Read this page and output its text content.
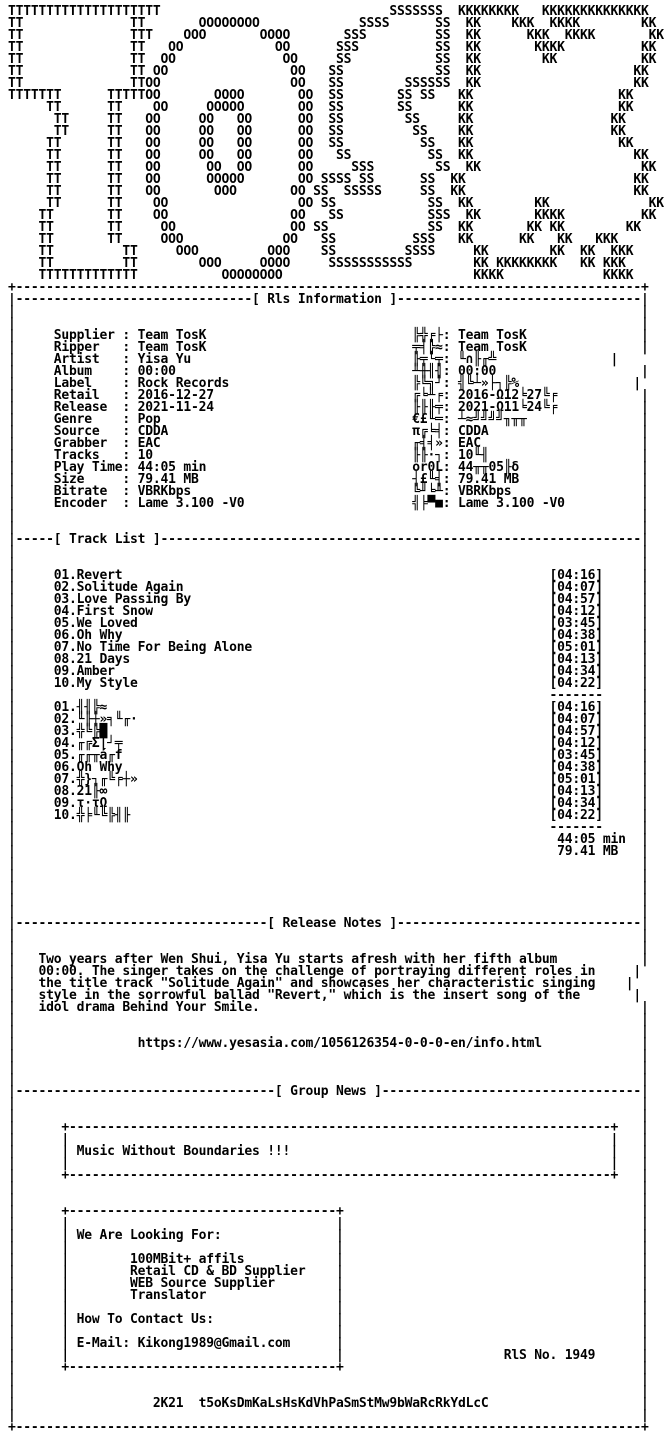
TTTTTTTTTTTTTTTTTTTT                              SSSSSSS  KKKKKKKK   KKKKKKKKKKKKKK
TT              TT       OOOOOOOO             SSSS      SS  KK    KKK  KKKK        KK
TT              TTT    OOO       OOOO       SSS         SS  KK      KKK  KKKK       KK
TT              TT   OO            OO      SSS          SS  KK       KKKK          KK
TT              TT  OO              OO     SS           SS  KK        KK           KK
TT              TT OO                OO   SS            SS  KK                    KK
TT              TTOO                 OO   SS        SSSSSS  KK                    KK
TTTTTTT      TTTTTOO       OOOO       OO  SS       SS SS   KK                   KK
TT      TT    OO     OOOOO       OO  SS       SS      KK                   KK
TT     TT   OO     OO   OO      OO  SS        SS     KK                  KK
TT     TT   OO     OO   OO      OO  SS         SS    KK                  KK
TT      TT   OO     OO   OO      OO  SS          SS   KK                   KK
TT      TT   OO     OO   OO      OO   SS          SS  KK                     KK
TT      TT   OO      OO  OO      OO     SSS        SS  KK                     KK
TT      TT   OO      OOOOO       OO SSSS SS      SS  KK                      KK
TT      TT   OO       OOO       OO SS  SSSSS     SS  KK                      KK
TT      TT    OO                 OO SS            SS  KK        KK             KK
TT       TT    OO                OO   SS           SSS  KK       KKKK          KK
TT       TT     OO               OO SS             SS  KK       KK KK        KK
TT       TT     OOO             OO   SS          SSS   KK      KK   KK   KKK
TT         TT     OOO         OOO    SS         SSSS     KK        KK  KK  KKK
TT         TT        OOO     OOOO     SSSSSSSSSSS        KK KKKKKKKK   KK KKK
TTTTTTTTTTTTT           OOOOOOOO                         KKKK             KKKK
+----------------------------------------------------------------------------------+
|-------------------------------[ Rls Information ]--------------------------------|
|                                                                                  |
|                                                                                  |
|     Supplier : Team TosK                           ╠╬╒├: Team TosK               |
|     Ripper   : Team TosK                           ╤╡╠≈: Team TosK               |
|     Artist   : Yisa Yu                             ╟╤└╤: ╙∩╟╓╩               |
|     Album    : 00:00                               ╨╫╢╢: 00:00                   |
|     Label    : Rock Records                        ╠╚╗┘: ╣╚┴»├┐╠%               |
|     Retail   : 2016-12-27                          ╔╘╨╒: 2016-Ω12╘27╚╒           |
|     Release  : 2021-11-24                          ╟╟╟╤: 2021-Ω11╘24╚╒           |
|     Genre    : Pop                                 €£╙═: ┴≈╝╝╝╝╖╥╥               |
|     Source   : CDDA                                π╔╘╡: CDDA                    |
|     Grabber  : EAC                                 ╓╡╡»: EAC                     |
|     Tracks   : 10                                  ╟╟·┐: 10╙╢                    |
|     Play Time: 44:05 min                           or0L: 44╥╥05╟δ                |
|     Size     : 79.41 MB                            ┤£╙╡: 79.41 MB                |
|     Bitrate  : VBRKbps                             ╚╜╘╨: VBRKbps                 |
|     Encoder  : Lame 3.100 -V0                      ╣╞▀■: Lame 3.100 -V0          |
|                                                                                  |
|                                                                                  |
|-----[ Track List ]---------------------------------------------------------------|
|                                                                                  |
|                                                                                  |
|     01.Revert                                                        [04:16]     |
|     02.Solitude Again                                                [04:07]     |
|     03.Love Passing By                                               [04:57]     |
|     04.First Snow                                                    [04:12]     |
|     05.We Loved                                                      [03:45]     |
|     06.Oh Why                                                        [04:38]     |
|     07.No Time For Being Alone                                       [05:01]     |
|     08.21 Days                                                       [04:13]     |
|     09.Amber                                                         [04:34]     |
|     10.My Style                                                      [04:22]     |
|                                                                      -------     |
|     01.╢╢╠≈                                                          [04:16]     |
|     02.╙╟┼»╕╙╓·                                                      [04:07]     |
|     03.╬╚╠█                                                          [04:57]     |
|     04.╓╔Σ|┘╤                                                        [04:12]     |
|     05.╓╓╥á╓f                                                        [03:45]     |
|     06.Oh Why                                                        [04:38]     |
|     07.╬}┐╓╚╒┼»                                                      [05:01]     |
|     08.21╟∞                                                          [04:13]     |
|     09.τ·τΩ                                                          [04:34]     |
|     10.╬╞╙╚╠╢╟                                                       [04:22]     |
|                                                                      -------     |
|                                                                       44:05 min  |
|                                                                       79.41 MB   |
|                                                                                  |
|                                                                                  |
|                                                                                  |
|                                                                                  |
|                                                                                  |
|---------------------------------[ Release Notes ]--------------------------------|
|                                                                                  |
|                                                                                  |
|   Two years after Wen Shui, Yisa Yu starts afresh with her fifth album           |
|   00:00. The singer takes on the challenge of portraying different roles in     |
|   the title track "Solitude Again" and showcases her characteristic singing    |
|   style in the sorrowful ballad "Revert," which is the insert song of the       |
|   idol drama Behind Your Smile.                                                  |
|                                                                                  |
|                                                                                  |
|                https://www.yesasia.com/1056126354-0-0-0-en/info.html             |
|                                                                                  |
|                                                                                  |
|                                                                                  |
|----------------------------------[ Group News ]----------------------------------|
|                                                                                  |
|                                                                                  |
|      +-----------------------------------------------------------------------+   |
|      |                                                                       |   |
|      | Music Without Boundaries !!!                                          |   |
|      |                                                                       |   |
|      +-----------------------------------------------------------------------+   |
|                                                                                  |
|                                                                                  |
|      +-----------------------------------+                                       |
|      |                                   |                                       |
|      | We Are Looking For:               |                                       |
|      |                                   |                                       |
|      |        100MBit+ affils            |                                       |
|      |        Retail CD & BD Supplier    |                                       |
|      |        WEB Source Supplier        |                                       |
|      |        Translator                 |                                       |
|      |                                   |                                       |
|      | How To Contact Us:                |                                       |
|      |                                   |                                       |
|      | E-Mail: Kikong1989@Gmail.com      |                                       |
|      |                                   |                     RlS No. 1949      |
|      +-----------------------------------+                                       |
|                                                                                  |
|                                                                                  |
|                  2K21  t5oKsDmKaLsHsKdVhPaSmStMw9bWaRcRkYdLcC                    |
|                                                                                  |
+----------------------------------------------------------------------------------+
